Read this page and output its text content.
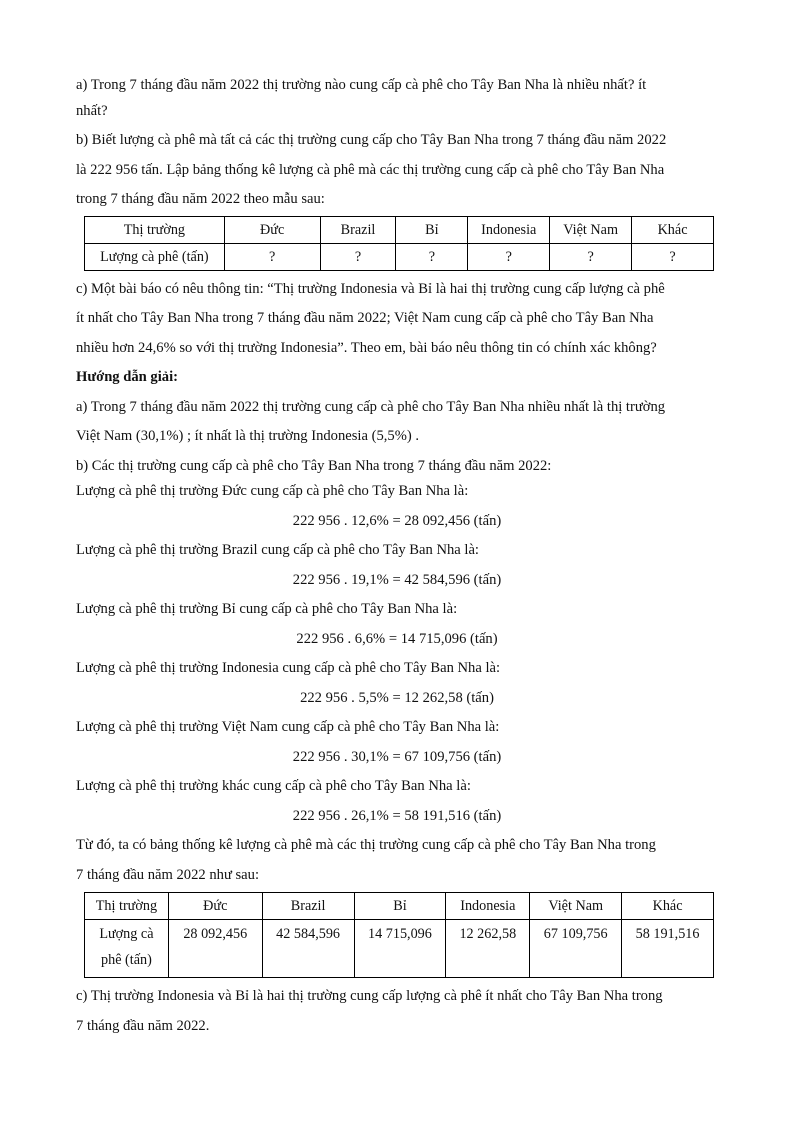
a) Trong 7 tháng đầu năm 2022 thị trường nào cung cấp cà phê cho Tây Ban Nha là nhiều nhất? ít

nhất?

b) Biết lượng cà phê mà tất cả các thị trường cung cấp cho Tây Ban Nha trong 7 tháng đầu năm 2022

là 222 956 tấn. Lập bảng thống kê lượng cà phê mà các thị trường cung cấp cà phê cho Tây Ban Nha

trong 7 tháng đầu năm 2022 theo mẫu sau:

Thị trường	Đức	Brazil	Bỉ	Indonesia	Việt Nam	Khác
Lượng cà phê (tấn)	?	?	?	?	?	?

c) Một bài báo có nêu thông tin: “Thị trường Indonesia và Bỉ là hai thị trường cung cấp lượng cà phê

ít nhất cho Tây Ban Nha trong 7 tháng đầu năm 2022; Việt Nam cung cấp cà phê cho Tây Ban Nha

nhiều hơn 24,6% so với thị trường Indonesia”. Theo em, bài báo nêu thông tin có chính xác không?

Hướng dẫn giải:

a) Trong 7 tháng đầu năm 2022 thị trường cung cấp cà phê cho Tây Ban Nha nhiều nhất là thị trường

Việt Nam (30,1%) ; ít nhất là thị trường Indonesia (5,5%) .

b) Các thị trường cung cấp cà phê cho Tây Ban Nha trong 7 tháng đầu năm 2022:

Lượng cà phê thị trường Đức cung cấp cà phê cho Tây Ban Nha là:

222 956 . 12,6% = 28 092,456 (tấn)

Lượng cà phê thị trường Brazil cung cấp cà phê cho Tây Ban Nha là:

222 956 . 19,1% = 42 584,596 (tấn)

Lượng cà phê thị trường Bỉ cung cấp cà phê cho Tây Ban Nha là:

222 956 . 6,6% = 14 715,096 (tấn)

Lượng cà phê thị trường Indonesia cung cấp cà phê cho Tây Ban Nha là:

222 956 . 5,5% = 12 262,58 (tấn)

Lượng cà phê thị trường Việt Nam cung cấp cà phê cho Tây Ban Nha là:

222 956 . 30,1% = 67 109,756 (tấn)

Lượng cà phê thị trường khác cung cấp cà phê cho Tây Ban Nha là:

222 956 . 26,1% = 58 191,516 (tấn)

Từ đó, ta có bảng thống kê lượng cà phê mà các thị trường cung cấp cà phê cho Tây Ban Nha trong

7 tháng đầu năm 2022 như sau:

Thị trường	Đức	Brazil	Bỉ	Indonesia	Việt Nam	Khác
Lượng cà
phê (tấn)	28 092,456	42 584,596	14 715,096	12 262,58	67 109,756	58 191,516

c) Thị trường Indonesia và Bỉ là hai thị trường cung cấp lượng cà phê ít nhất cho Tây Ban Nha trong

7 tháng đầu năm 2022.
